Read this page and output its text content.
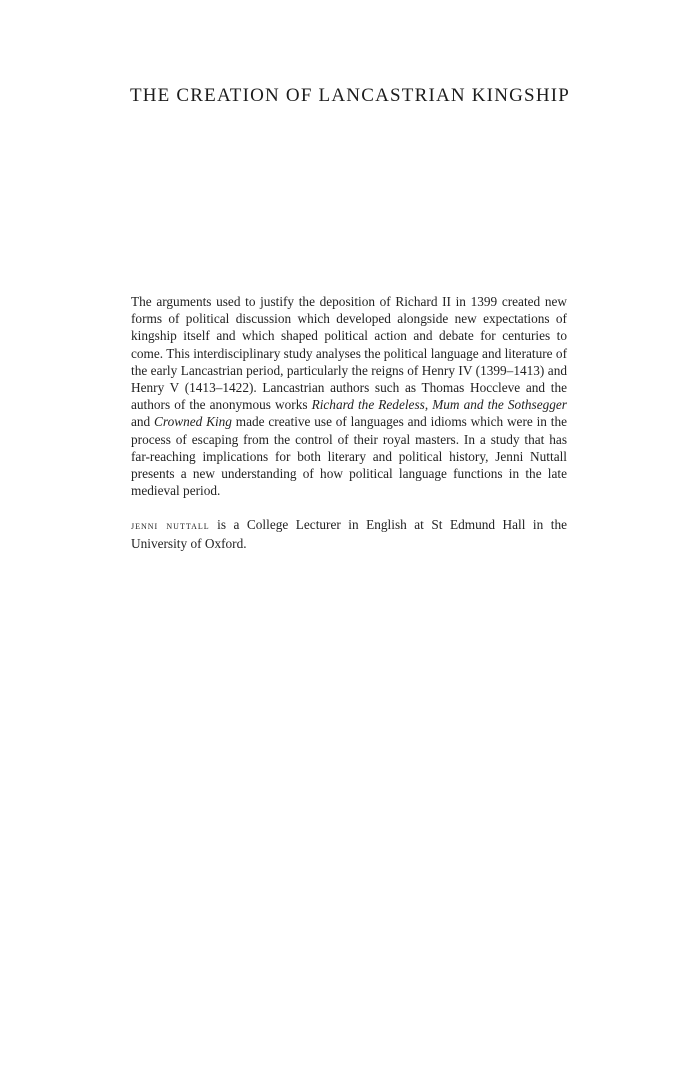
THE CREATION OF LANCASTRIAN KINGSHIP

The arguments used to justify the deposition of Richard II in 1399 created new forms of political discussion which developed alongside new expectations of kingship itself and which shaped political action and debate for centuries to come. This interdisciplinary study analyses the political language and literature of the early Lancastrian period, particularly the reigns of Henry IV (1399–1413) and Henry V (1413–1422). Lancastrian authors such as Thomas Hoccleve and the authors of the anonymous works Richard the Redeless, Mum and the Sothsegger and Crowned King made creative use of languages and idioms which were in the process of escaping from the control of their royal masters. In a study that has far-reaching implications for both literary and political history, Jenni Nuttall presents a new understanding of how political language functions in the late medieval period.

jenni nuttall is a College Lecturer in English at St Edmund Hall in the University of Oxford.
